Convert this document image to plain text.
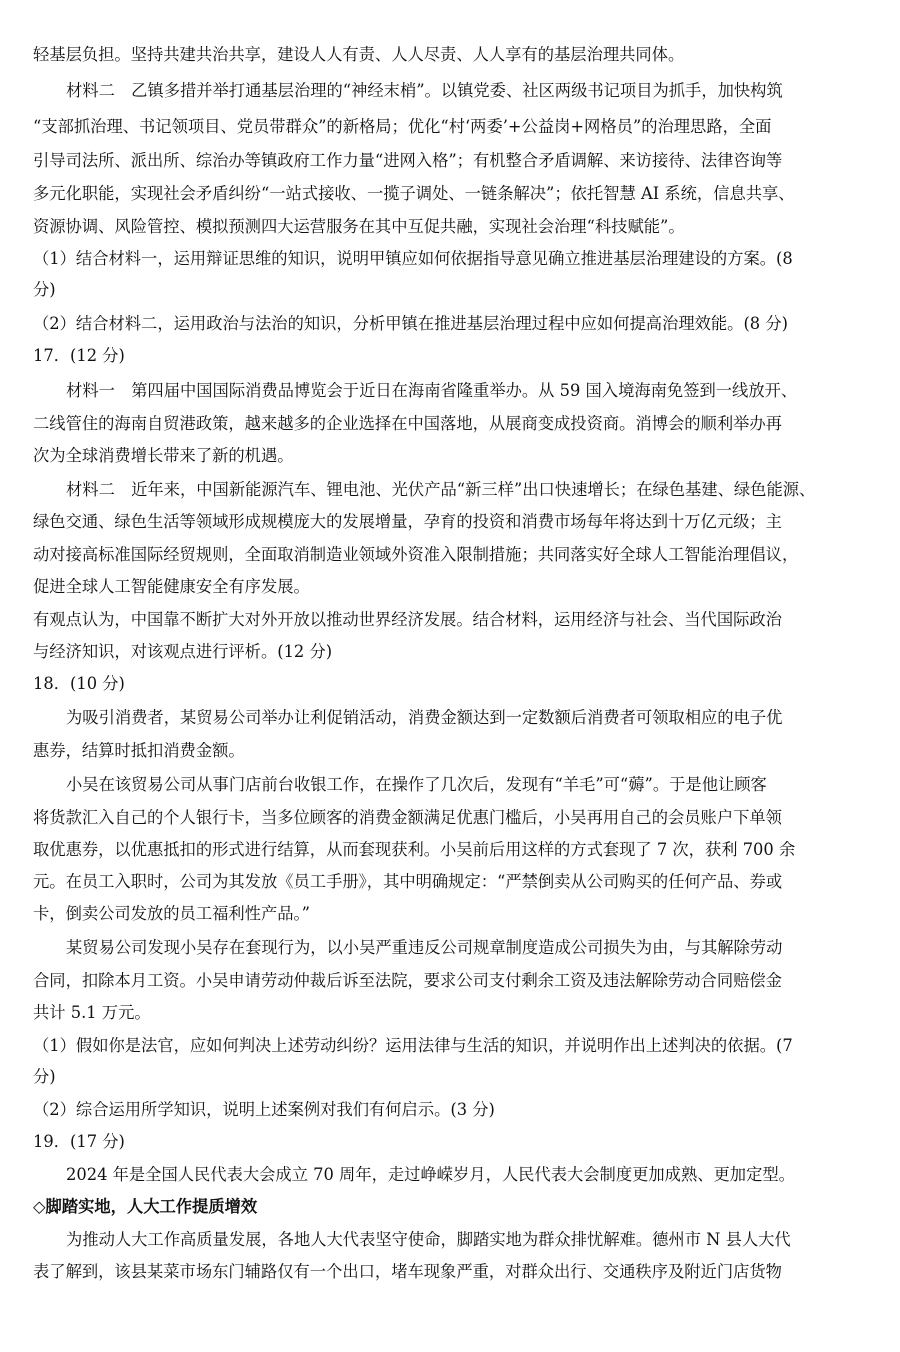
轻基层负担。坚持共建共治共享，建设人人有责、人人尽责、人人享有的基层治理共同体。
材料二　乙镇多措并举打通基层治理的“神经末梢”。以镇党委、社区两级书记项目为抓手，加快构筑
“支部抓治理、书记领项目、党员带群众”的新格局；优化“村‘两委’+公益岗+网格员”的治理思路，全面
引导司法所、派出所、综治办等镇政府工作力量“进网入格”；有机整合矛盾调解、来访接待、法律咨询等
多元化职能，实现社会矛盾纠纷“一站式接收、一揽子调处、一链条解决”；依托智慧 AI 系统，信息共享、
资源协调、风险管控、模拟预测四大运营服务在其中互促共融，实现社会治理“科技赋能”。
（1）结合材料一，运用辩证思维的知识，说明甲镇应如何依据指导意见确立推进基层治理建设的方案。(8
分)
（2）结合材料二，运用政治与法治的知识，分析甲镇在推进基层治理过程中应如何提高治理效能。(8 分)
17．(12 分)
材料一　第四届中国国际消费品博览会于近日在海南省隆重举办。从 59 国入境海南免签到一线放开、
二线管住的海南自贸港政策，越来越多的企业选择在中国落地，从展商变成投资商。消博会的顺利举办再
次为全球消费增长带来了新的机遇。
材料二　近年来，中国新能源汽车、锂电池、光伏产品“新三样”出口快速增长；在绿色基建、绿色能源、
绿色交通、绿色生活等领域形成规模庞大的发展增量，孕育的投资和消费市场每年将达到十万亿元级；主
动对接高标准国际经贸规则，全面取消制造业领域外资准入限制措施；共同落实好全球人工智能治理倡议，
促进全球人工智能健康安全有序发展。
有观点认为，中国靠不断扩大对外开放以推动世界经济发展。结合材料，运用经济与社会、当代国际政治
与经济知识，对该观点进行评析。(12 分)
18．(10 分)
为吸引消费者，某贸易公司举办让利促销活动，消费金额达到一定数额后消费者可领取相应的电子优
惠券，结算时抵扣消费金额。
小吴在该贸易公司从事门店前台收银工作，在操作了几次后，发现有“羊毛”可“薅”。于是他让顾客
将货款汇入自己的个人银行卡，当多位顾客的消费金额满足优惠门槛后，小吴再用自己的会员账户下单领
取优惠券，以优惠抵扣的形式进行结算，从而套现获利。小吴前后用这样的方式套现了 7 次，获利 700 余
元。在员工入职时，公司为其发放《员工手册》，其中明确规定：“严禁倒卖从公司购买的任何产品、券或
卡，倒卖公司发放的员工福利性产品。”
某贸易公司发现小吴存在套现行为，以小吴严重违反公司规章制度造成公司损失为由，与其解除劳动
合同，扣除本月工资。小吴申请劳动仲裁后诉至法院，要求公司支付剩余工资及违法解除劳动合同赔偿金
共计 5.1 万元。
（1）假如你是法官，应如何判决上述劳动纠纷？运用法律与生活的知识，并说明作出上述判决的依据。(7
分)
（2）综合运用所学知识，说明上述案例对我们有何启示。(3 分)
19．(17 分)
2024 年是全国人民代表大会成立 70 周年，走过峥嵘岁月，人民代表大会制度更加成熟、更加定型。
◇脚踏实地，人大工作提质增效
为推动人大工作高质量发展，各地人大代表坚守使命，脚踏实地为群众排忧解难。德州市 N 县人大代
表了解到，该县某菜市场东门辅路仅有一个出口，堵车现象严重，对群众出行、交通秩序及附近门店货物
